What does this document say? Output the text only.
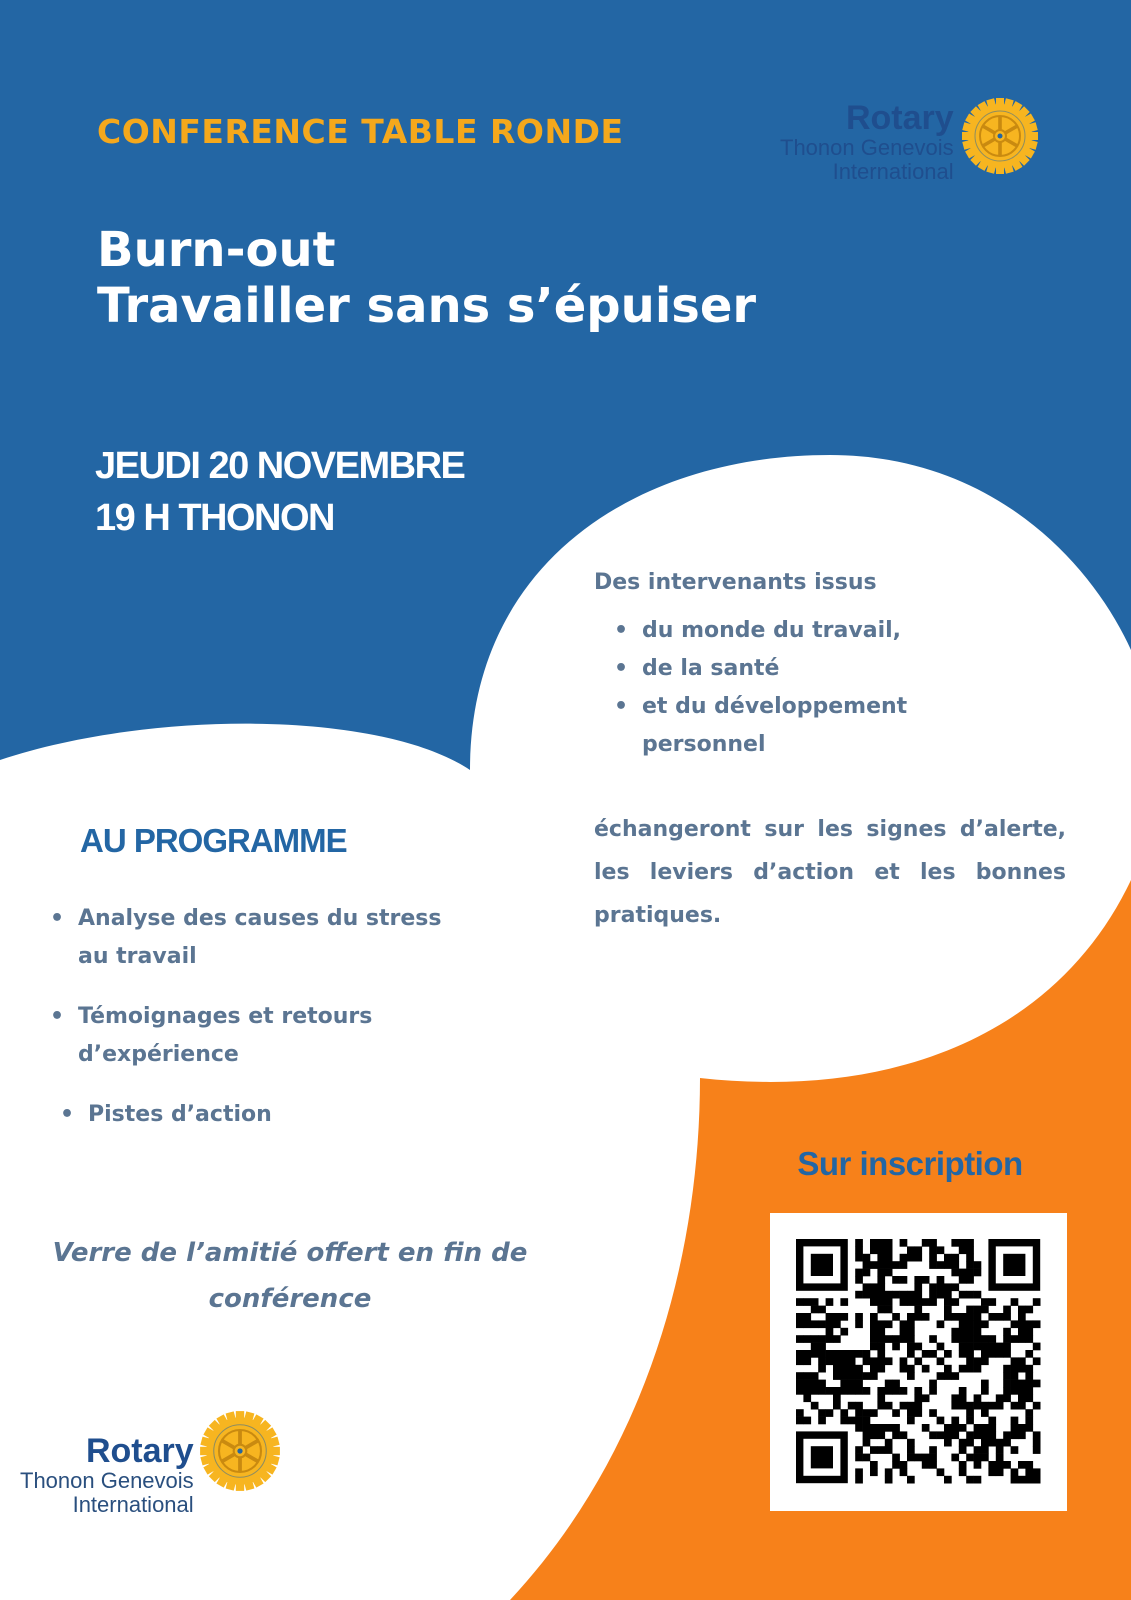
CONFERENCE TABLE RONDE
Burn-out
Travailler sans s’épuiser
JEUDI 20 NOVEMBRE
19 H THONON
Rotary
Thonon Genevois
International
Des intervenants issus
• du monde du travail,
• de la santé
• et du développement personnel
échangeront sur les signes d’alerte, les leviers d’action et les bonnes pratiques.
AU PROGRAMME
• Analyse des causes du stress au travail
• Témoignages et retours d’expérience
• Pistes d’action
Verre de l’amitié offert en fin de conférence
Sur inscription
Rotary
Thonon Genevois
International
